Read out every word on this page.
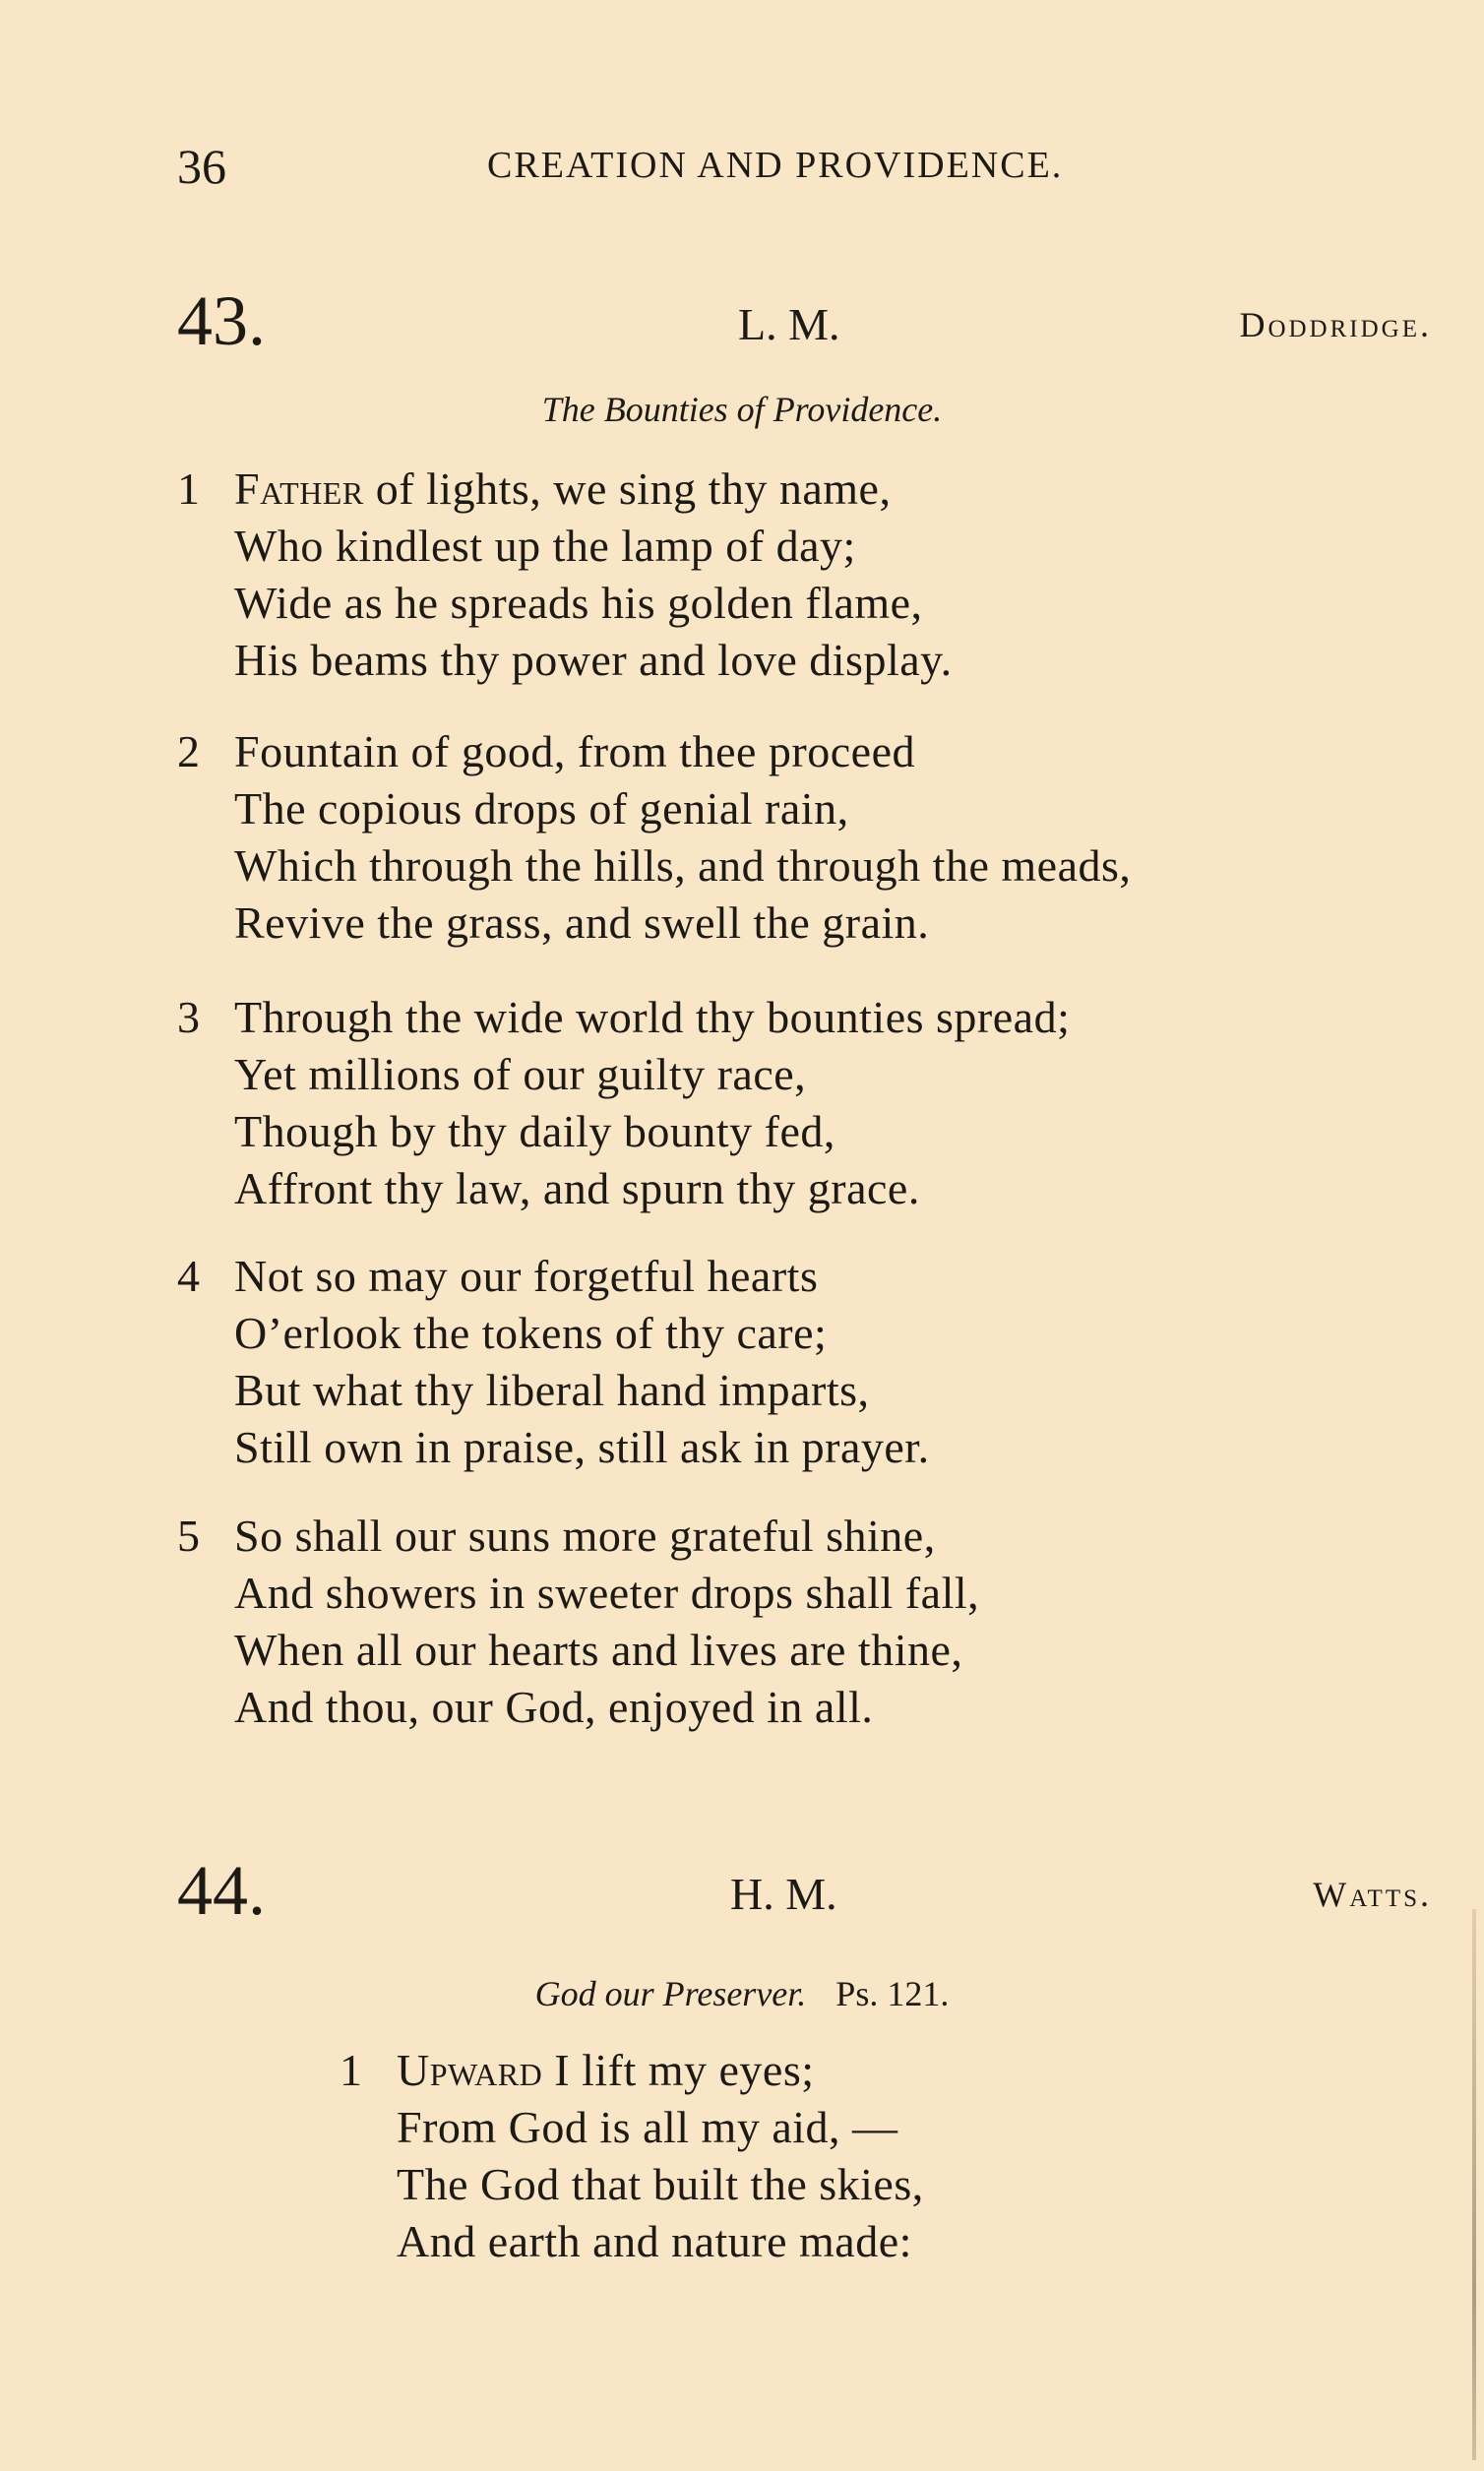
36	CREATION AND PROVIDENCE.
43.	L. M.	Doddridge.
The Bounties of Providence.
1 Father of lights, we sing thy name,
Who kindlest up the lamp of day;
Wide as he spreads his golden flame,
His beams thy power and love display.
2 Fountain of good, from thee proceed
The copious drops of genial rain,
Which through the hills, and through the meads,
Revive the grass, and swell the grain.
3 Through the wide world thy bounties spread;
Yet millions of our guilty race,
Though by thy daily bounty fed,
Affront thy law, and spurn thy grace.
4 Not so may our forgetful hearts
O’erlook the tokens of thy care;
But what thy liberal hand imparts,
Still own in praise, still ask in prayer.
5 So shall our suns more grateful shine,
And showers in sweeter drops shall fall,
When all our hearts and lives are thine,
And thou, our God, enjoyed in all.
44.	H. M.	Watts.
God our Preserver. Ps. 121.
1 Upward I lift my eyes;
From God is all my aid, —
The God that built the skies,
And earth and nature made:
